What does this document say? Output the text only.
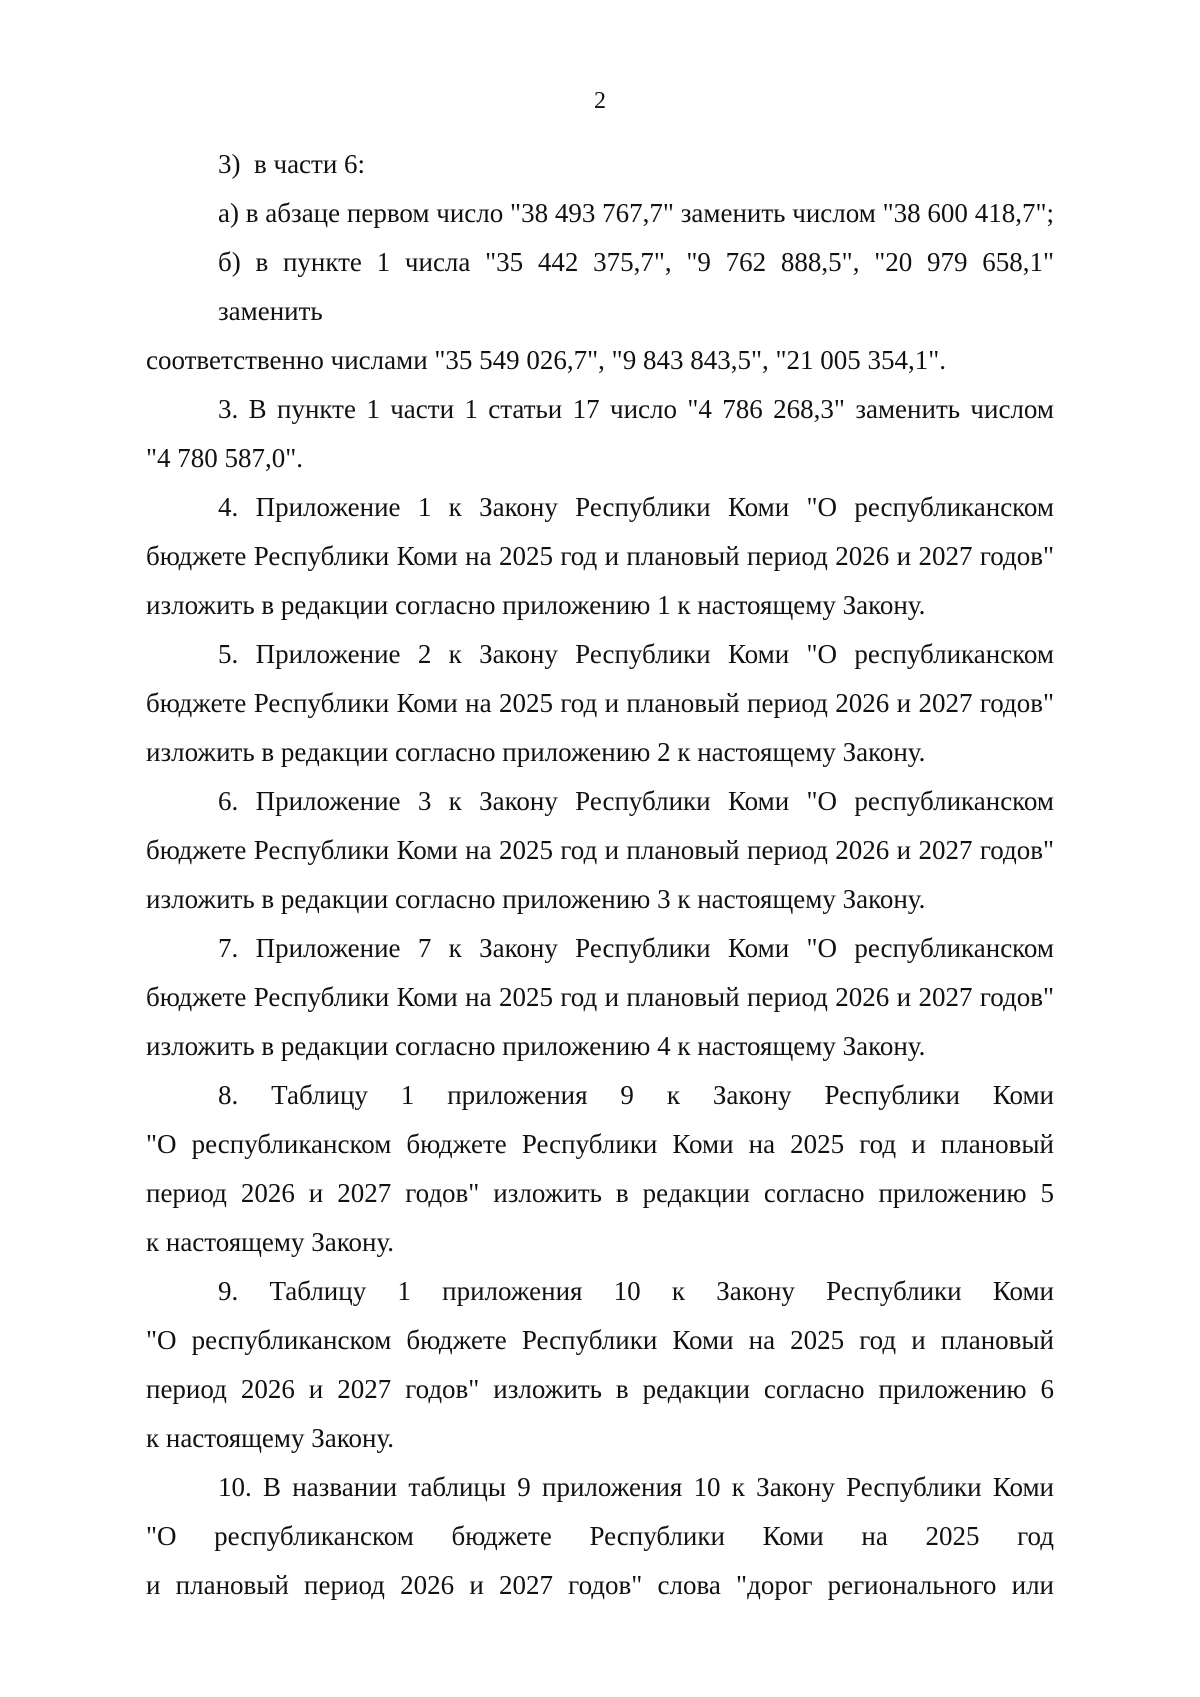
2
3)  в части 6:
а) в абзаце первом число "38 493 767,7" заменить числом "38 600 418,7";
б) в пункте 1 числа "35 442 375,7", "9 762 888,5", "20 979 658,1" заменить
соответственно числами "35 549 026,7", "9 843 843,5", "21 005 354,1".
3. В пункте 1 части 1 статьи 17 число "4 786 268,3" заменить числом
"4 780 587,0".
4. Приложение 1 к Закону Республики Коми "О республиканском
бюджете Республики Коми на 2025 год и плановый период 2026 и 2027 годов"
изложить в редакции согласно приложению 1 к настоящему Закону.
5. Приложение 2 к Закону Республики Коми "О республиканском
бюджете Республики Коми на 2025 год и плановый период 2026 и 2027 годов"
изложить в редакции согласно приложению 2 к настоящему Закону.
6. Приложение 3 к Закону Республики Коми "О республиканском
бюджете Республики Коми на 2025 год и плановый период 2026 и 2027 годов"
изложить в редакции согласно приложению 3 к настоящему Закону.
7. Приложение 7 к Закону Республики Коми "О республиканском
бюджете Республики Коми на 2025 год и плановый период 2026 и 2027 годов"
изложить в редакции согласно приложению 4 к настоящему Закону.
8. Таблицу 1 приложения 9 к Закону Республики Коми
"О республиканском бюджете Республики Коми на 2025 год и плановый
период 2026 и 2027 годов" изложить в редакции согласно приложению 5
к настоящему Закону.
9. Таблицу 1 приложения 10 к Закону Республики Коми
"О республиканском бюджете Республики Коми на 2025 год и плановый
период 2026 и 2027 годов" изложить в редакции согласно приложению 6
к настоящему Закону.
10. В названии таблицы 9 приложения 10 к Закону Республики Коми
"О республиканском бюджете Республики Коми на 2025 год
и плановый период 2026 и 2027 годов" слова "дорог регионального или
